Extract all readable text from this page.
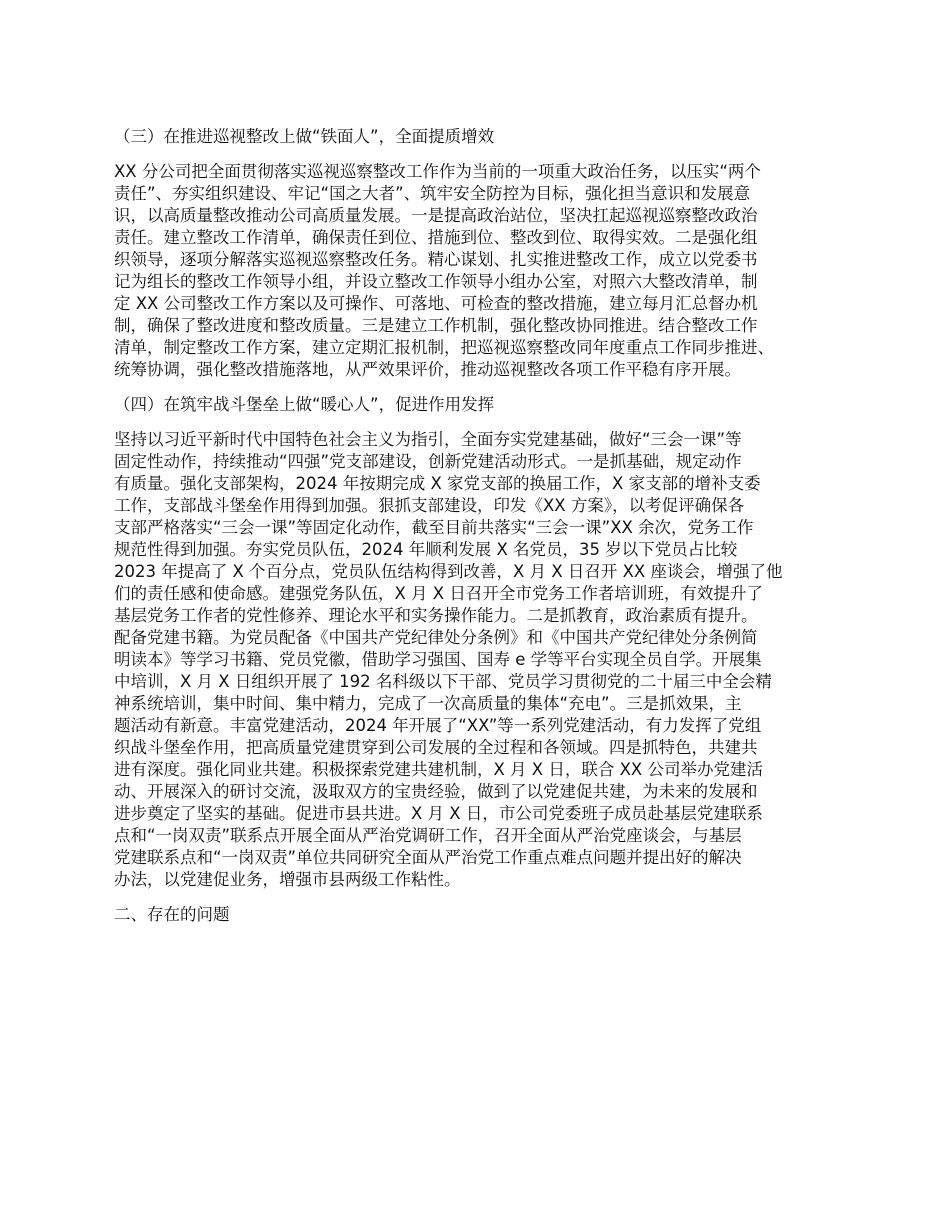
（三）在推进巡视整改上做“铁面人”，全面提质增效
XX 分公司把全面贯彻落实巡视巡察整改工作作为当前的一项重大政治任务，以压实“两个
责任”、夯实组织建设、牢记“国之大者”、筑牢安全防控为目标，强化担当意识和发展意
识，以高质量整改推动公司高质量发展。一是提高政治站位，坚决扛起巡视巡察整改政治
责任。建立整改工作清单，确保责任到位、措施到位、整改到位、取得实效。二是强化组
织领导，逐项分解落实巡视巡察整改任务。精心谋划、扎实推进整改工作，成立以党委书
记为组长的整改工作领导小组，并设立整改工作领导小组办公室，对照六大整改清单，制
定 XX 公司整改工作方案以及可操作、可落地、可检查的整改措施，建立每月汇总督办机
制，确保了整改进度和整改质量。三是建立工作机制，强化整改协同推进。结合整改工作
清单，制定整改工作方案，建立定期汇报机制，把巡视巡察整改同年度重点工作同步推进、
统筹协调，强化整改措施落地，从严效果评价，推动巡视整改各项工作平稳有序开展。
（四）在筑牢战斗堡垒上做“暖心人”，促进作用发挥
坚持以习近平新时代中国特色社会主义为指引，全面夯实党建基础，做好“三会一课”等
固定性动作，持续推动“四强”党支部建设，创新党建活动形式。一是抓基础，规定动作
有质量。强化支部架构，2024 年按期完成 X 家党支部的换届工作，X 家支部的增补支委
工作，支部战斗堡垒作用得到加强。狠抓支部建设，印发《XX 方案》，以考促评确保各
支部严格落实“三会一课”等固定化动作，截至目前共落实“三会一课”XX 余次，党务工作
规范性得到加强。夯实党员队伍，2024 年顺利发展 X 名党员，35 岁以下党员占比较
2023 年提高了 X 个百分点，党员队伍结构得到改善，X 月 X 日召开 XX 座谈会，增强了他
们的责任感和使命感。建强党务队伍，X 月 X 日召开全市党务工作者培训班，有效提升了
基层党务工作者的党性修养、理论水平和实务操作能力。二是抓教育，政治素质有提升。
配备党建书籍。为党员配备《中国共产党纪律处分条例》和《中国共产党纪律处分条例简
明读本》等学习书籍、党员党徽，借助学习强国、国寿 e 学等平台实现全员自学。开展集
中培训，X 月 X 日组织开展了 192 名科级以下干部、党员学习贯彻党的二十届三中全会精
神系统培训，集中时间、集中精力，完成了一次高质量的集体“充电”。三是抓效果，主
题活动有新意。丰富党建活动，2024 年开展了“XX”等一系列党建活动，有力发挥了党组
织战斗堡垒作用，把高质量党建贯穿到公司发展的全过程和各领域。四是抓特色，共建共
进有深度。强化同业共建。积极探索党建共建机制，X 月 X 日，联合 XX 公司举办党建活
动、开展深入的研讨交流，汲取双方的宝贵经验，做到了以党建促共建，为未来的发展和
进步奠定了坚实的基础。促进市县共进。X 月 X 日，市公司党委班子成员赴基层党建联系
点和“一岗双责”联系点开展全面从严治党调研工作，召开全面从严治党座谈会，与基层
党建联系点和“一岗双责”单位共同研究全面从严治党工作重点难点问题并提出好的解决
办法，以党建促业务，增强市县两级工作粘性。
二、存在的问题
